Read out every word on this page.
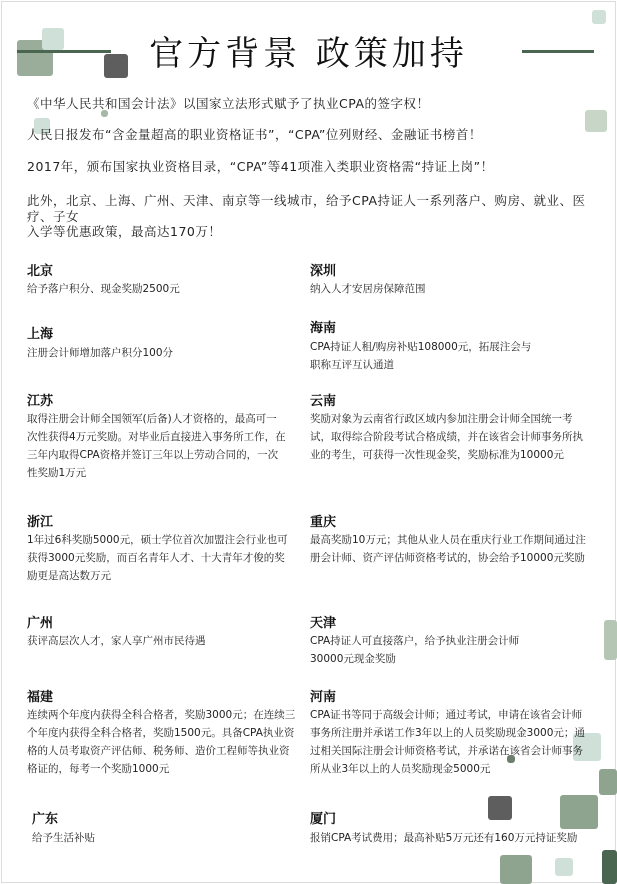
官方背景 政策加持
《中华人民共和国会计法》以国家立法形式赋予了执业CPA的签字权！
人民日报发布“含金量超高的职业资格证书”，“CPA”位列财经、金融证书榜首！
2017年，颁布国家执业资格目录，“CPA”等41项准入类职业资格需“持证上岗”！
此外，北京、上海、广州、天津、南京等一线城市，给予CPA持证人一系列落户、购房、就业、医疗、子女
入学等优惠政策，最高达170万！
北京
给予落户积分、现金奖励2500元
深圳
纳入人才安居房保障范围
上海
注册会计师增加落户积分100分
海南
CPA持证人租/购房补贴108000元，拓展注会与
职称互评互认通道
江苏
取得注册会计师全国领军(后备)人才资格的，最高可一
次性获得4万元奖励。对毕业后直接进入事务所工作，在
三年内取得CPA资格并签订三年以上劳动合同的，一次
性奖励1万元
云南
奖励对象为云南省行政区域内参加注册会计师全国统一考
试，取得综合阶段考试合格成绩，并在该省会计师事务所执
业的考生，可获得一次性现金奖，奖励标准为10000元
浙江
1年过6科奖励5000元，硕士学位首次加盟注会行业也可
获得3000元奖励，而百名青年人才、十大青年才俊的奖
励更是高达数万元
重庆
最高奖励10万元；其他从业人员在重庆行业工作期间通过注
册会计师、资产评估师资格考试的，协会给予10000元奖励
广州
获评高层次人才，家人享广州市民待遇
天津
CPA持证人可直接落户，给予执业注册会计师
30000元现金奖励
福建
连续两个年度内获得全科合格者，奖励3000元；在连续三
个年度内获得全科合格者，奖励1500元。具备CPA执业资
格的人员考取资产评估师、税务师、造价工程师等执业资
格证的，每考一个奖励1000元
河南
CPA证书等同于高级会计师；通过考试，申请在该省会计师
事务所注册并承诺工作3年以上的人员奖励现金3000元；通
过相关国际注册会计师资格考试，并承诺在该省会计师事务
所从业3年以上的人员奖励现金5000元
广东
给予生活补贴
厦门
报销CPA考试费用；最高补贴5万元还有160万元持证奖励
